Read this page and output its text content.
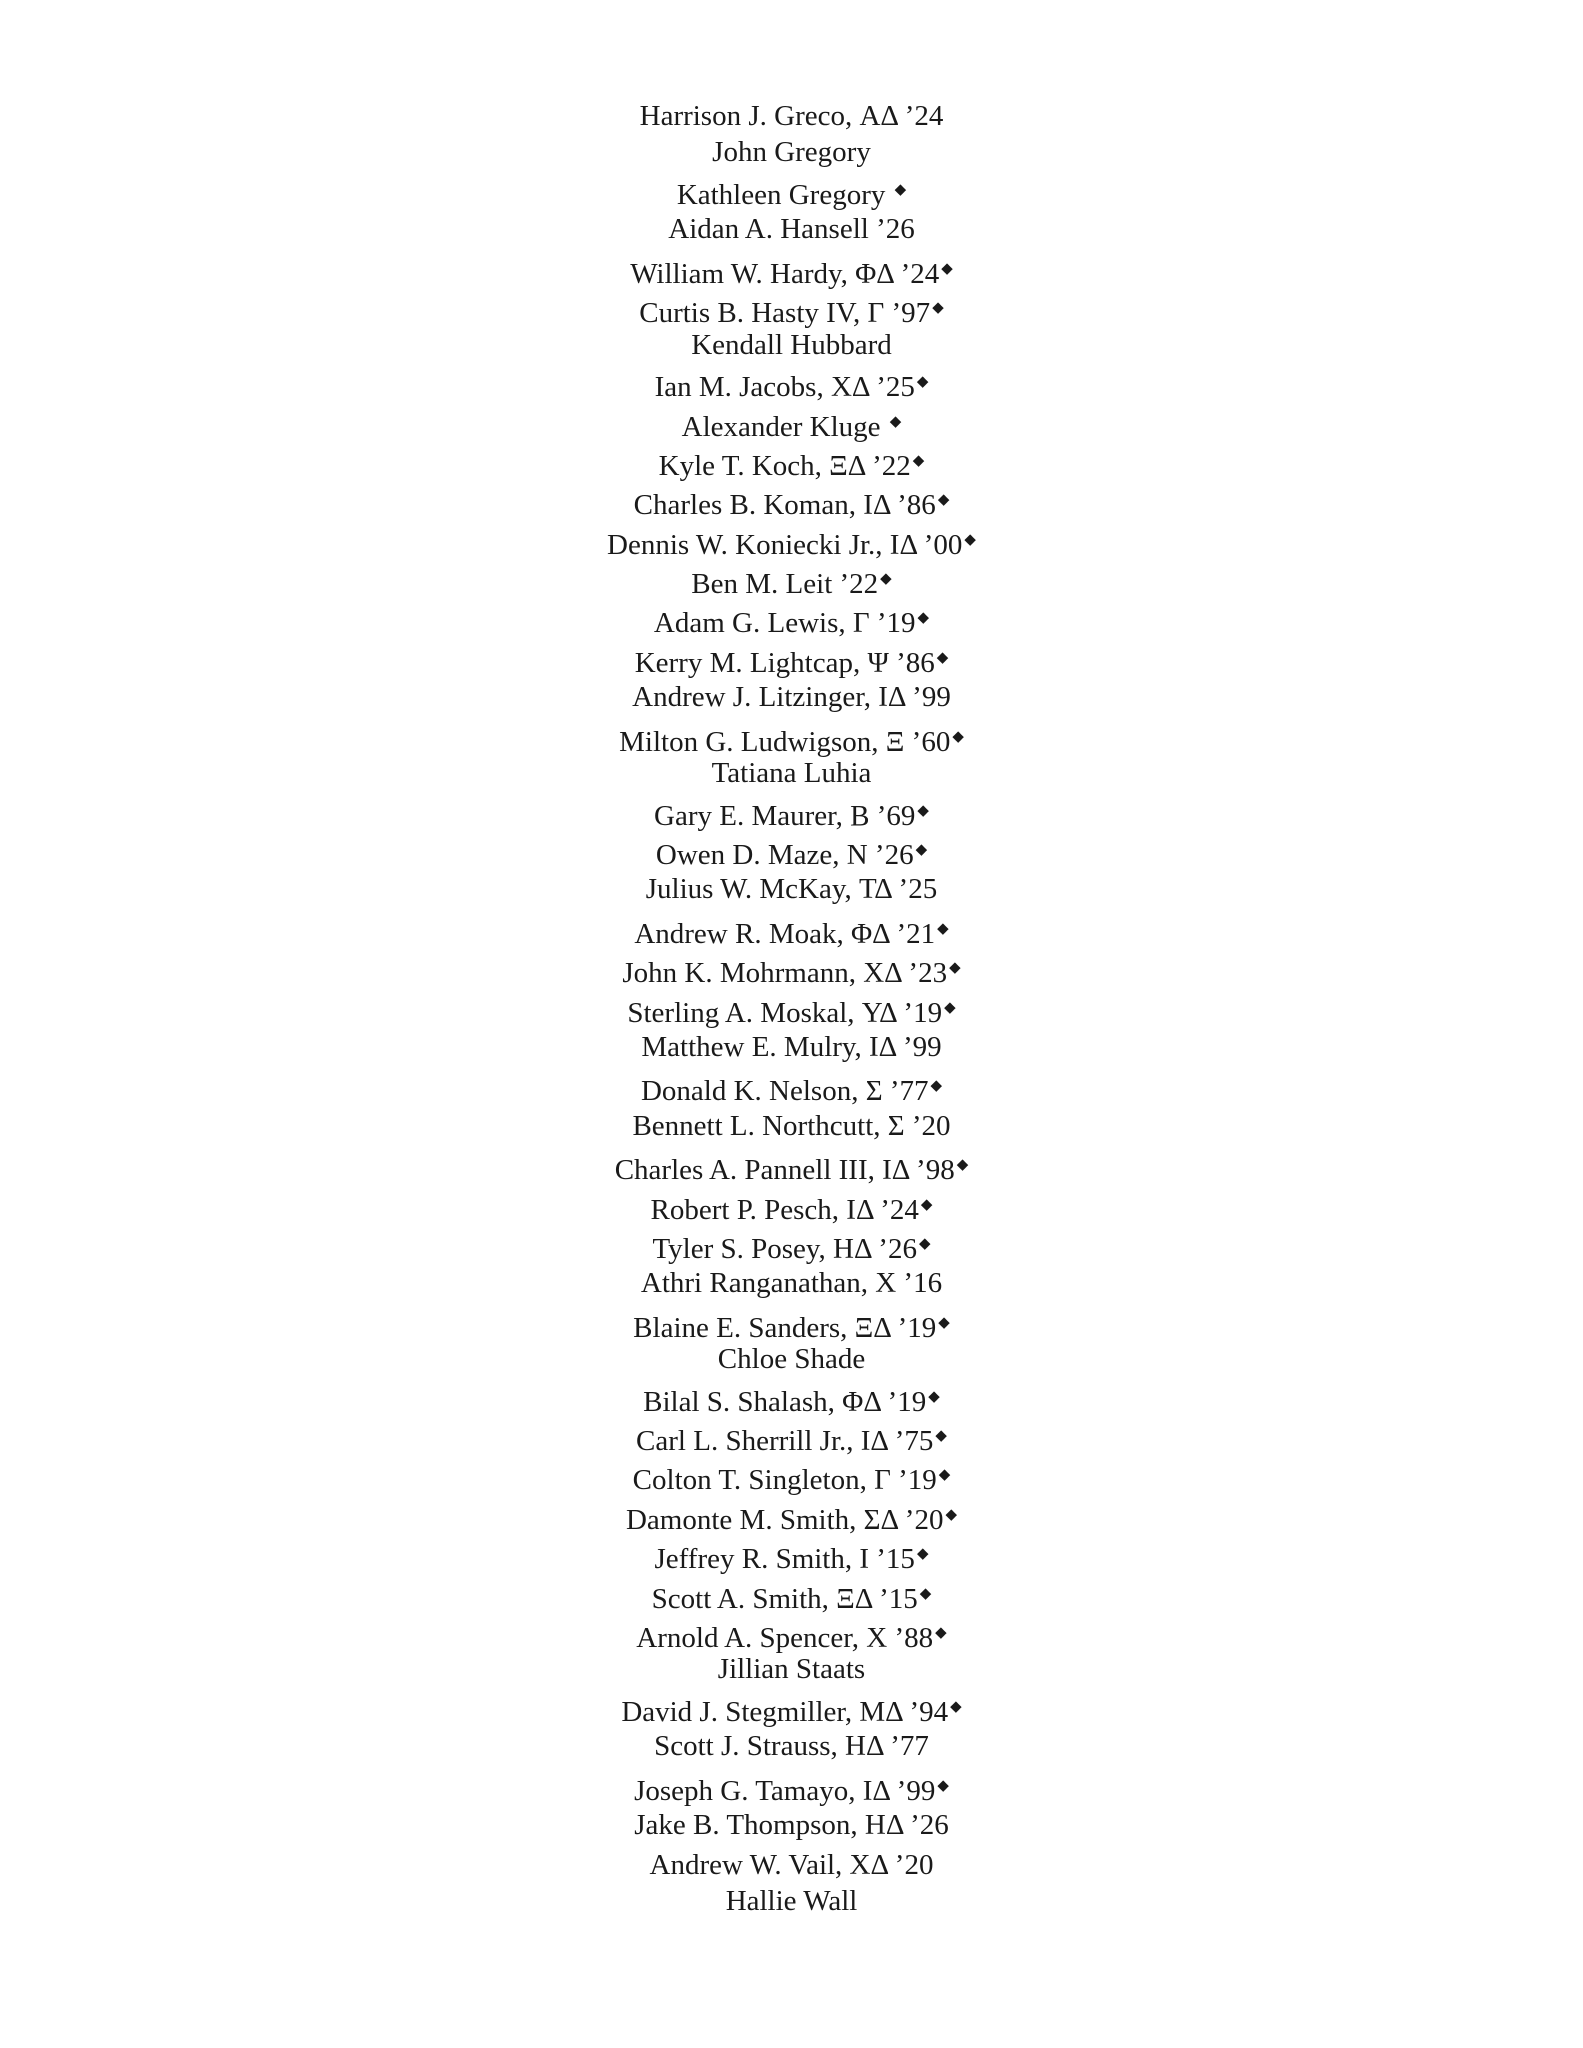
Harrison J. Greco, ΑΔ ’24
John Gregory
Kathleen Gregory ◆
Aidan A. Hansell ’26
William W. Hardy, ΦΔ ’24 ◆
Curtis B. Hasty IV, Γ ’97 ◆
Kendall Hubbard
Ian M. Jacobs, ΧΔ ’25 ◆
Alexander Kluge ◆
Kyle T. Koch, ΞΔ ’22 ◆
Charles B. Koman, ΙΔ ’86 ◆
Dennis W. Koniecki Jr., ΙΔ ’00 ◆
Ben M. Leit ’22 ◆
Adam G. Lewis, Γ ’19 ◆
Kerry M. Lightcap, Ψ ’86 ◆
Andrew J. Litzinger, ΙΔ ’99
Milton G. Ludwigson, Ξ ’60 ◆
Tatiana Luhia
Gary E. Maurer, Β ’69 ◆
Owen D. Maze, Ν ’26 ◆
Julius W. McKay, ΤΔ ’25
Andrew R. Moak, ΦΔ ’21 ◆
John K. Mohrmann, ΧΔ ’23 ◆
Sterling A. Moskal, ΥΔ ’19 ◆
Matthew E. Mulry, ΙΔ ’99
Donald K. Nelson, Σ ’77 ◆
Bennett L. Northcutt, Σ ’20
Charles A. Pannell III, ΙΔ ’98 ◆
Robert P. Pesch, ΙΔ ’24 ◆
Tyler S. Posey, ΗΔ ’26 ◆
Athri Ranganathan, Χ ’16
Blaine E. Sanders, ΞΔ ’19 ◆
Chloe Shade
Bilal S. Shalash, ΦΔ ’19 ◆
Carl L. Sherrill Jr., ΙΔ ’75 ◆
Colton T. Singleton, Γ ’19 ◆
Damonte M. Smith, ΣΔ ’20 ◆
Jeffrey R. Smith, Ι ’15 ◆
Scott A. Smith, ΞΔ ’15 ◆
Arnold A. Spencer, Χ ’88 ◆
Jillian Staats
David J. Stegmiller, ΜΔ ’94 ◆
Scott J. Strauss, ΗΔ ’77
Joseph G. Tamayo, ΙΔ ’99 ◆
Jake B. Thompson, ΗΔ ’26
Andrew W. Vail, ΧΔ ’20
Hallie Wall
